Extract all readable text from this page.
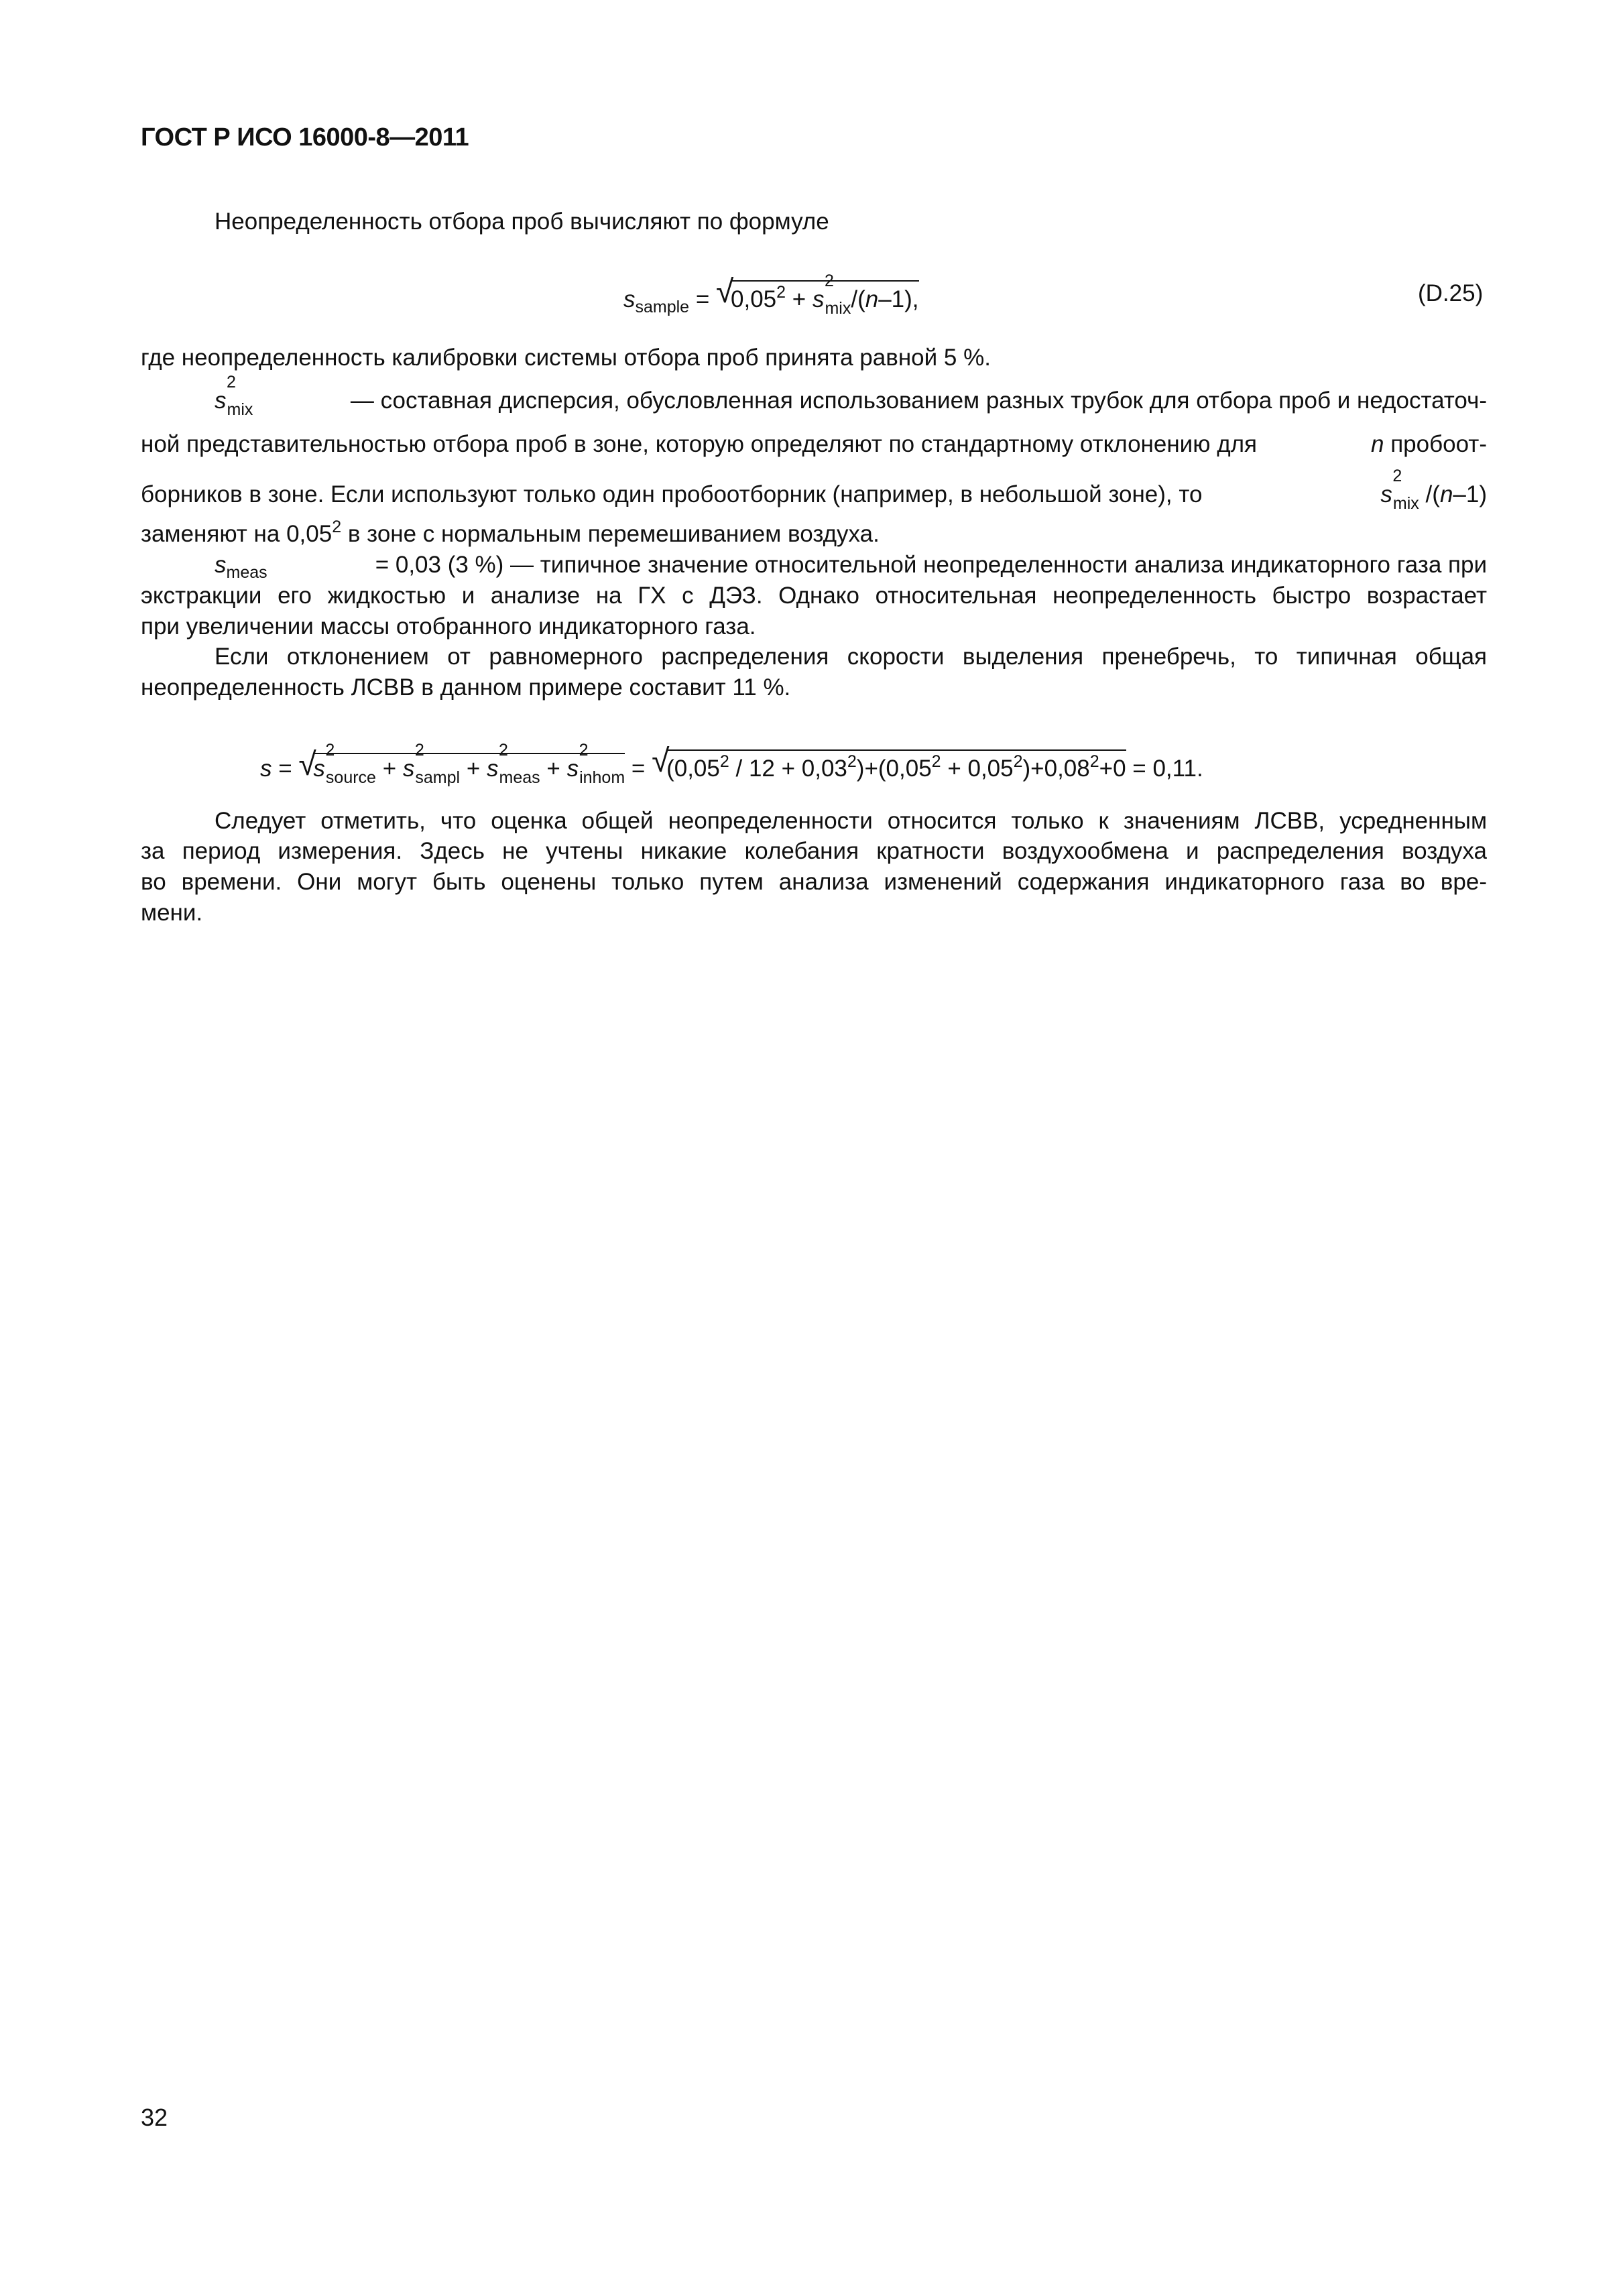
ГОСТ Р ИСО 16000-8—2011
Неопределенность отбора проб вычисляют по формуле
$s_{sample}$ = √
$0,05^2 + s$
2
$_{mix}$/(n–1),	(D.25)
где неопределенность калибровки системы отбора проб принята равной 5 %.
s
2
$_{mix}$	— составная дисперсия, обусловленная использованием разных трубок для отбора проб и недостаточ-
ной представительностью отбора проб в зоне, которую определяют по стандартному отклонению для	n пробоот-
борников в зоне. Если используют только один пробоотборник (например, в небольшой зоне), то	s
2
$_{mix}$ /(n–1)
заменяют на 0,05$^2$ в зоне с нормальным перемешиванием воздуха.
$s_{meas}$	= 0,03 (3 %) — типичное значение относительной неопределенности анализа индикаторного газа при
экстракции его жидкостью и анализе на ГХ с ДЭЗ. Однако относительная неопределенность быстро возрастает
при увеличении массы отобранного индикаторного газа.
Если отклонением от равномерного распределения скорости выделения пренебречь, то типичная общая
неопределенность ЛСВВ в данном примере составит 11 %.
s = √
s
2
$_{source}$ + s
2
$_{sampl}$ + s
2
$_{meas}$ + s
2
$_{inhom}$ = √
$(0,05^2 / 12 + 0,03^2)+(0,05^2 + 0,05^2)+0,08^2+0 = 0,11$.
Следует отметить, что оценка общей неопределенности относится только к значениям ЛСВВ, усредненным
за период измерения. Здесь не учтены никакие колебания кратности воздухообмена и распределения воздуха
во времени. Они могут быть оценены только путем анализа изменений содержания индикаторного газа во вре-
мени.
32
